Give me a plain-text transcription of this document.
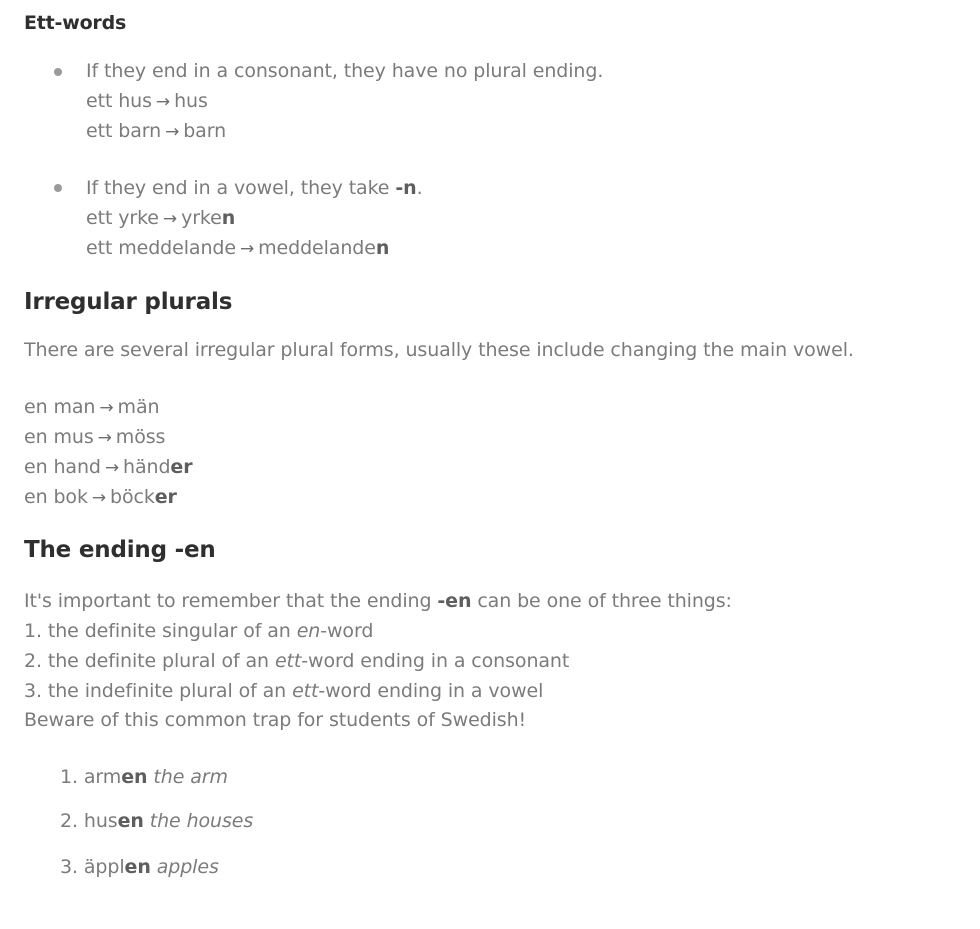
Ett-words
If they end in a consonant, they have no plural ending.
ett hus → hus
ett barn → barn
If they end in a vowel, they take -n.
ett yrke → yrken
ett meddelande → meddelanden
Irregular plurals
There are several irregular plural forms, usually these include changing the main vowel.
en man → män
en mus → möss
en hand → händer
en bok → böcker
The ending -en
It's important to remember that the ending -en can be one of three things:
1. the definite singular of an en-word
2. the definite plural of an ett-word ending in a consonant
3. the indefinite plural of an ett-word ending in a vowel
Beware of this common trap for students of Swedish!
1. armen the arm
2. husen the houses
3. äpplen apples
